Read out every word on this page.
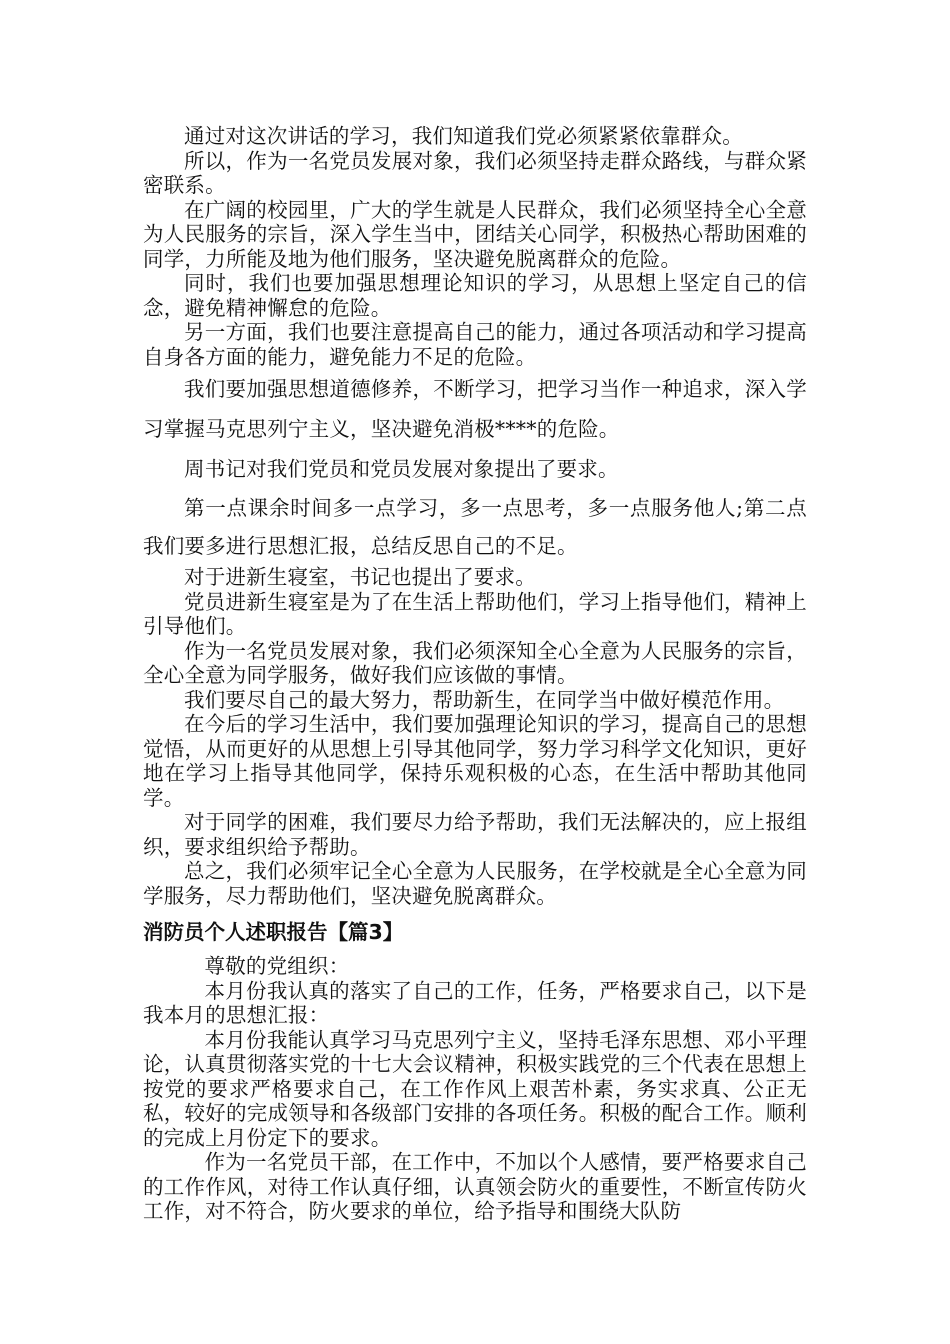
通过对这次讲话的学习，我们知道我们党必须紧紧依靠群众。

所以，作为一名党员发展对象，我们必须坚持走群众路线，与群众紧密联系。

在广阔的校园里，广大的学生就是人民群众，我们必须坚持全心全意为人民服务的宗旨，深入学生当中，团结关心同学，积极热心帮助困难的同学，力所能及地为他们服务，坚决避免脱离群众的危险。

同时，我们也要加强思想理论知识的学习，从思想上坚定自己的信念，避免精神懈怠的危险。

另一方面，我们也要注意提高自己的能力，通过各项活动和学习提高自身各方面的能力，避免能力不足的危险。

我们要加强思想道德修养，不断学习，把学习当作一种追求，深入学习掌握马克思列宁主义，坚决避免消极****的危险。

周书记对我们党员和党员发展对象提出了要求。

第一点课余时间多一点学习，多一点思考，多一点服务他人;第二点我们要多进行思想汇报，总结反思自己的不足。

对于进新生寝室，书记也提出了要求。

党员进新生寝室是为了在生活上帮助他们，学习上指导他们，精神上引导他们。

作为一名党员发展对象，我们必须深知全心全意为人民服务的宗旨，全心全意为同学服务，做好我们应该做的事情。

我们要尽自己的最大努力，帮助新生，在同学当中做好模范作用。

在今后的学习生活中，我们要加强理论知识的学习，提高自己的思想觉悟，从而更好的从思想上引导其他同学，努力学习科学文化知识，更好地在学习上指导其他同学，保持乐观积极的心态，在生活中帮助其他同学。

对于同学的困难，我们要尽力给予帮助，我们无法解决的，应上报组织，要求组织给予帮助。

总之，我们必须牢记全心全意为人民服务，在学校就是全心全意为同学服务，尽力帮助他们，坚决避免脱离群众。

消防员个人述职报告【篇3】

尊敬的党组织：

本月份我认真的落实了自己的工作，任务，严格要求自己，以下是我本月的思想汇报：

本月份我能认真学习马克思列宁主义，坚持毛泽东思想、邓小平理论，认真贯彻落实党的十七大会议精神，积极实践党的三个代表在思想上按党的要求严格要求自己，在工作作风上艰苦朴素，务实求真、公正无私，较好的完成领导和各级部门安排的各项任务。积极的配合工作。顺利的完成上月份定下的要求。

作为一名党员干部，在工作中，不加以个人感情，要严格要求自己的工作作风，对待工作认真仔细，认真领会防火的重要性，不断宣传防火工作，对不符合，防火要求的单位，给予指导和围绕大队防
